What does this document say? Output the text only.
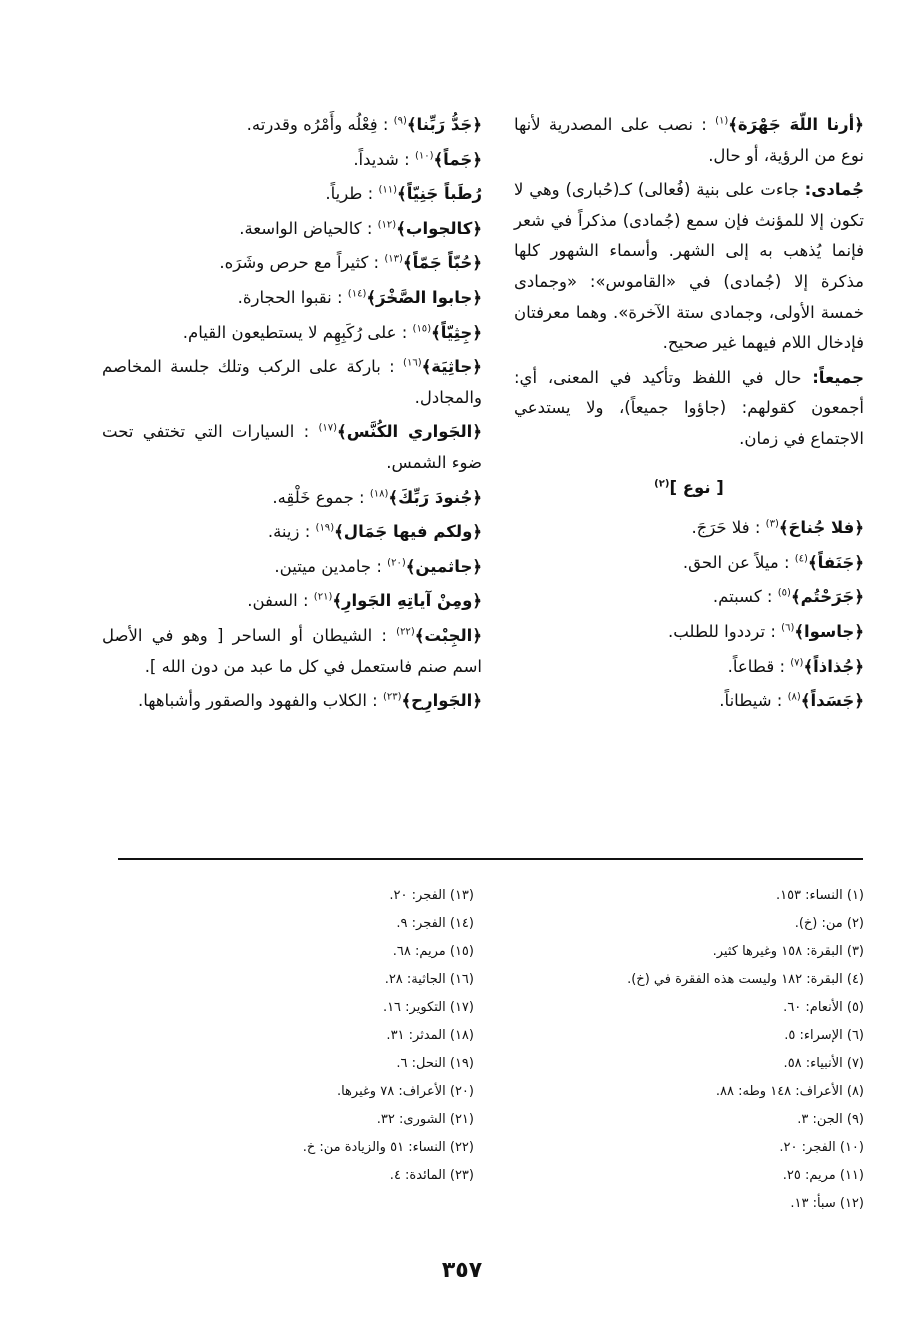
﴿أرنا اللّهَ جَهْرَة﴾$^{(١)}$ : نصب على المصدرية لأنها نوع من الرؤية، أو حال.

جُمادى: جاءت على بنية (فُعالى) كـ(حُبارى) وهي لا تكون إلا للمؤنث فإن سمع (جُمادى) مذكراً في شعر فإنما يُذهب به إلى الشهر. وأسماء الشهور كلها مذكرة إلا (جُمادى) في «القاموس»: «وجمادى خمسة الأولى، وجمادى ستة الآخرة». وهما معرفتان فإدخال اللام فيهما غير صحيح.

جميعاً: حال في اللفظ وتأكيد في المعنى، أي: أجمعون كقولهم: (جاؤوا جميعاً)، ولا يستدعي الاجتماع في زمان.

[ نوع ]$^{(٢)}$

﴿فلا جُناحَ﴾$^{(٣)}$ : فلا حَرَجَ.

﴿جَنَفاً﴾$^{(٤)}$ : ميلاً عن الحق.

﴿جَرَحْتُم﴾$^{(٥)}$ : كسبتم.

﴿جاسوا﴾$^{(٦)}$ : ترددوا للطلب.

﴿جُذاذاً﴾$^{(٧)}$ : قطاعاً.

﴿جَسَداً﴾$^{(٨)}$ : شيطاناً.

﴿جَدُّ رَبِّنا﴾$^{(٩)}$ : فِعْلُه وأَمْرُه وقدرته.

﴿جَماً﴾$^{(١٠)}$ : شديداً.

رُطَباً جَنِيّاً﴾$^{(١١)}$ : طرياً.

﴿كالجواب﴾$^{(١٢)}$ : كالحياض الواسعة.

﴿حُبّاً جَمّاً﴾$^{(١٣)}$ : كثيراً مع حرص وشَرَه.

﴿جابوا الصَّخْرَ﴾$^{(١٤)}$ : نقبوا الحجارة.

﴿جِثِيّاً﴾$^{(١٥)}$ : على رُكَبِهِم لا يستطيعون القيام.

﴿جاثِيَة﴾$^{(١٦)}$ : باركة على الركب وتلك جلسة المخاصم والمجادل.

﴿الجَواري الكُنَّس﴾$^{(١٧)}$ : السيارات التي تختفي تحت ضوء الشمس.

﴿جُنودَ رَبِّكَ﴾$^{(١٨)}$ : جموع خَلْقِه.

﴿ولكم فيها جَمَال﴾$^{(١٩)}$ : زينة.

﴿جاثمين﴾$^{(٢٠)}$ : جامدين ميتين.

﴿ومِنْ آياتِهِ الجَوارِ﴾$^{(٢١)}$ : السفن.

﴿الجِبْت﴾$^{(٢٢)}$ : الشيطان أو الساحر [ وهو في الأصل اسم صنم فاستعمل في كل ما عبد من دون الله ].

﴿الجَوارِح﴾$^{(٢٣)}$ : الكلاب والفهود والصقور وأشباهها.

(١) النساء: ١٥٣.
(٢) من: (خ).
(٣) البقرة: ١٥٨ وغيرها كثير.
(٤) البقرة: ١٨٢ وليست هذه الفقرة في (خ).
(٥) الأنعام: ٦٠.
(٦) الإسراء: ٥.
(٧) الأنبياء: ٥٨.
(٨) الأعراف: ١٤٨ وطه: ٨٨.
(٩) الجن: ٣.
(١٠) الفجر: ٢٠.
(١١) مريم: ٢٥.
(١٢) سبأ: ١٣.
(١٣) الفجر: ٢٠.
(١٤) الفجر: ٩.
(١٥) مريم: ٦٨.
(١٦) الجاثية: ٢٨.
(١٧) التكوير: ١٦.
(١٨) المدثر: ٣١.
(١٩) النحل: ٦.
(٢٠) الأعراف: ٧٨ وغيرها.
(٢١) الشورى: ٣٢.
(٢٢) النساء: ٥١ والزيادة من: خ.
(٢٣) المائدة: ٤.
٣٥٧
